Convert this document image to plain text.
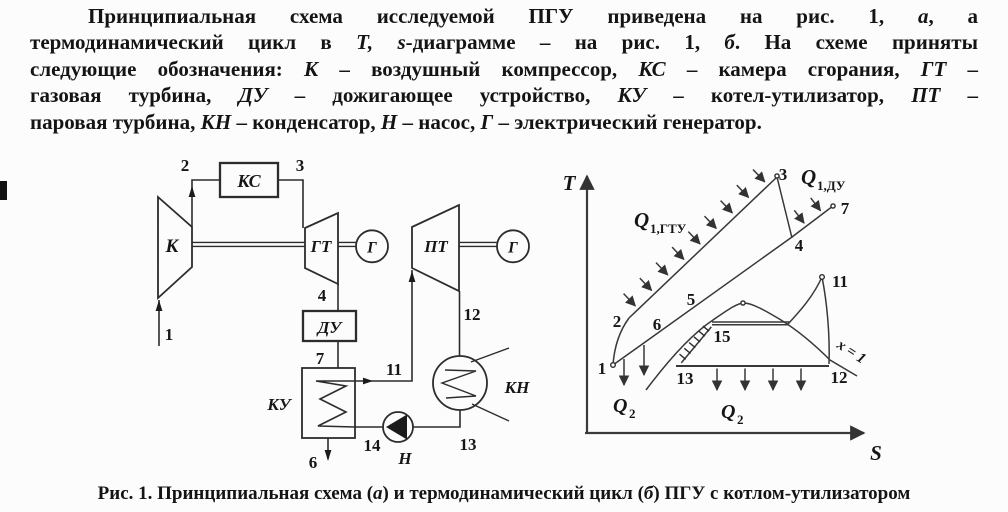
Принципиальная схема исследуемой ПГУ приведена на рис. 1, а, а
термодинамический цикл в Т, s-диаграмме – на рис. 1, б. На схеме приняты
следующие обозначения: К – воздушный компрессор, КС – камера сгорания, ГТ –
газовая турбина, ДУ – дожигающее устройство, КУ – котел-утилизатор, ПТ –
паровая турбина, КН – конденсатор, Н – насос, Г – электрический генератор.
К
КС
ГТ Г	ПТ	Г
ДУ
КУ
КН
Н
1
2	3
4
6
7
11
12
13
14
T
S
1
2
3
4
5
6
7
11
12
13
15
Q 1,ГТУ
Q 1,ДУ
Q 2	Q 2
x = 1
Рис. 1. Принципиальная схема (а) и термодинамический цикл (б) ПГУ с котлом-утилизатором
